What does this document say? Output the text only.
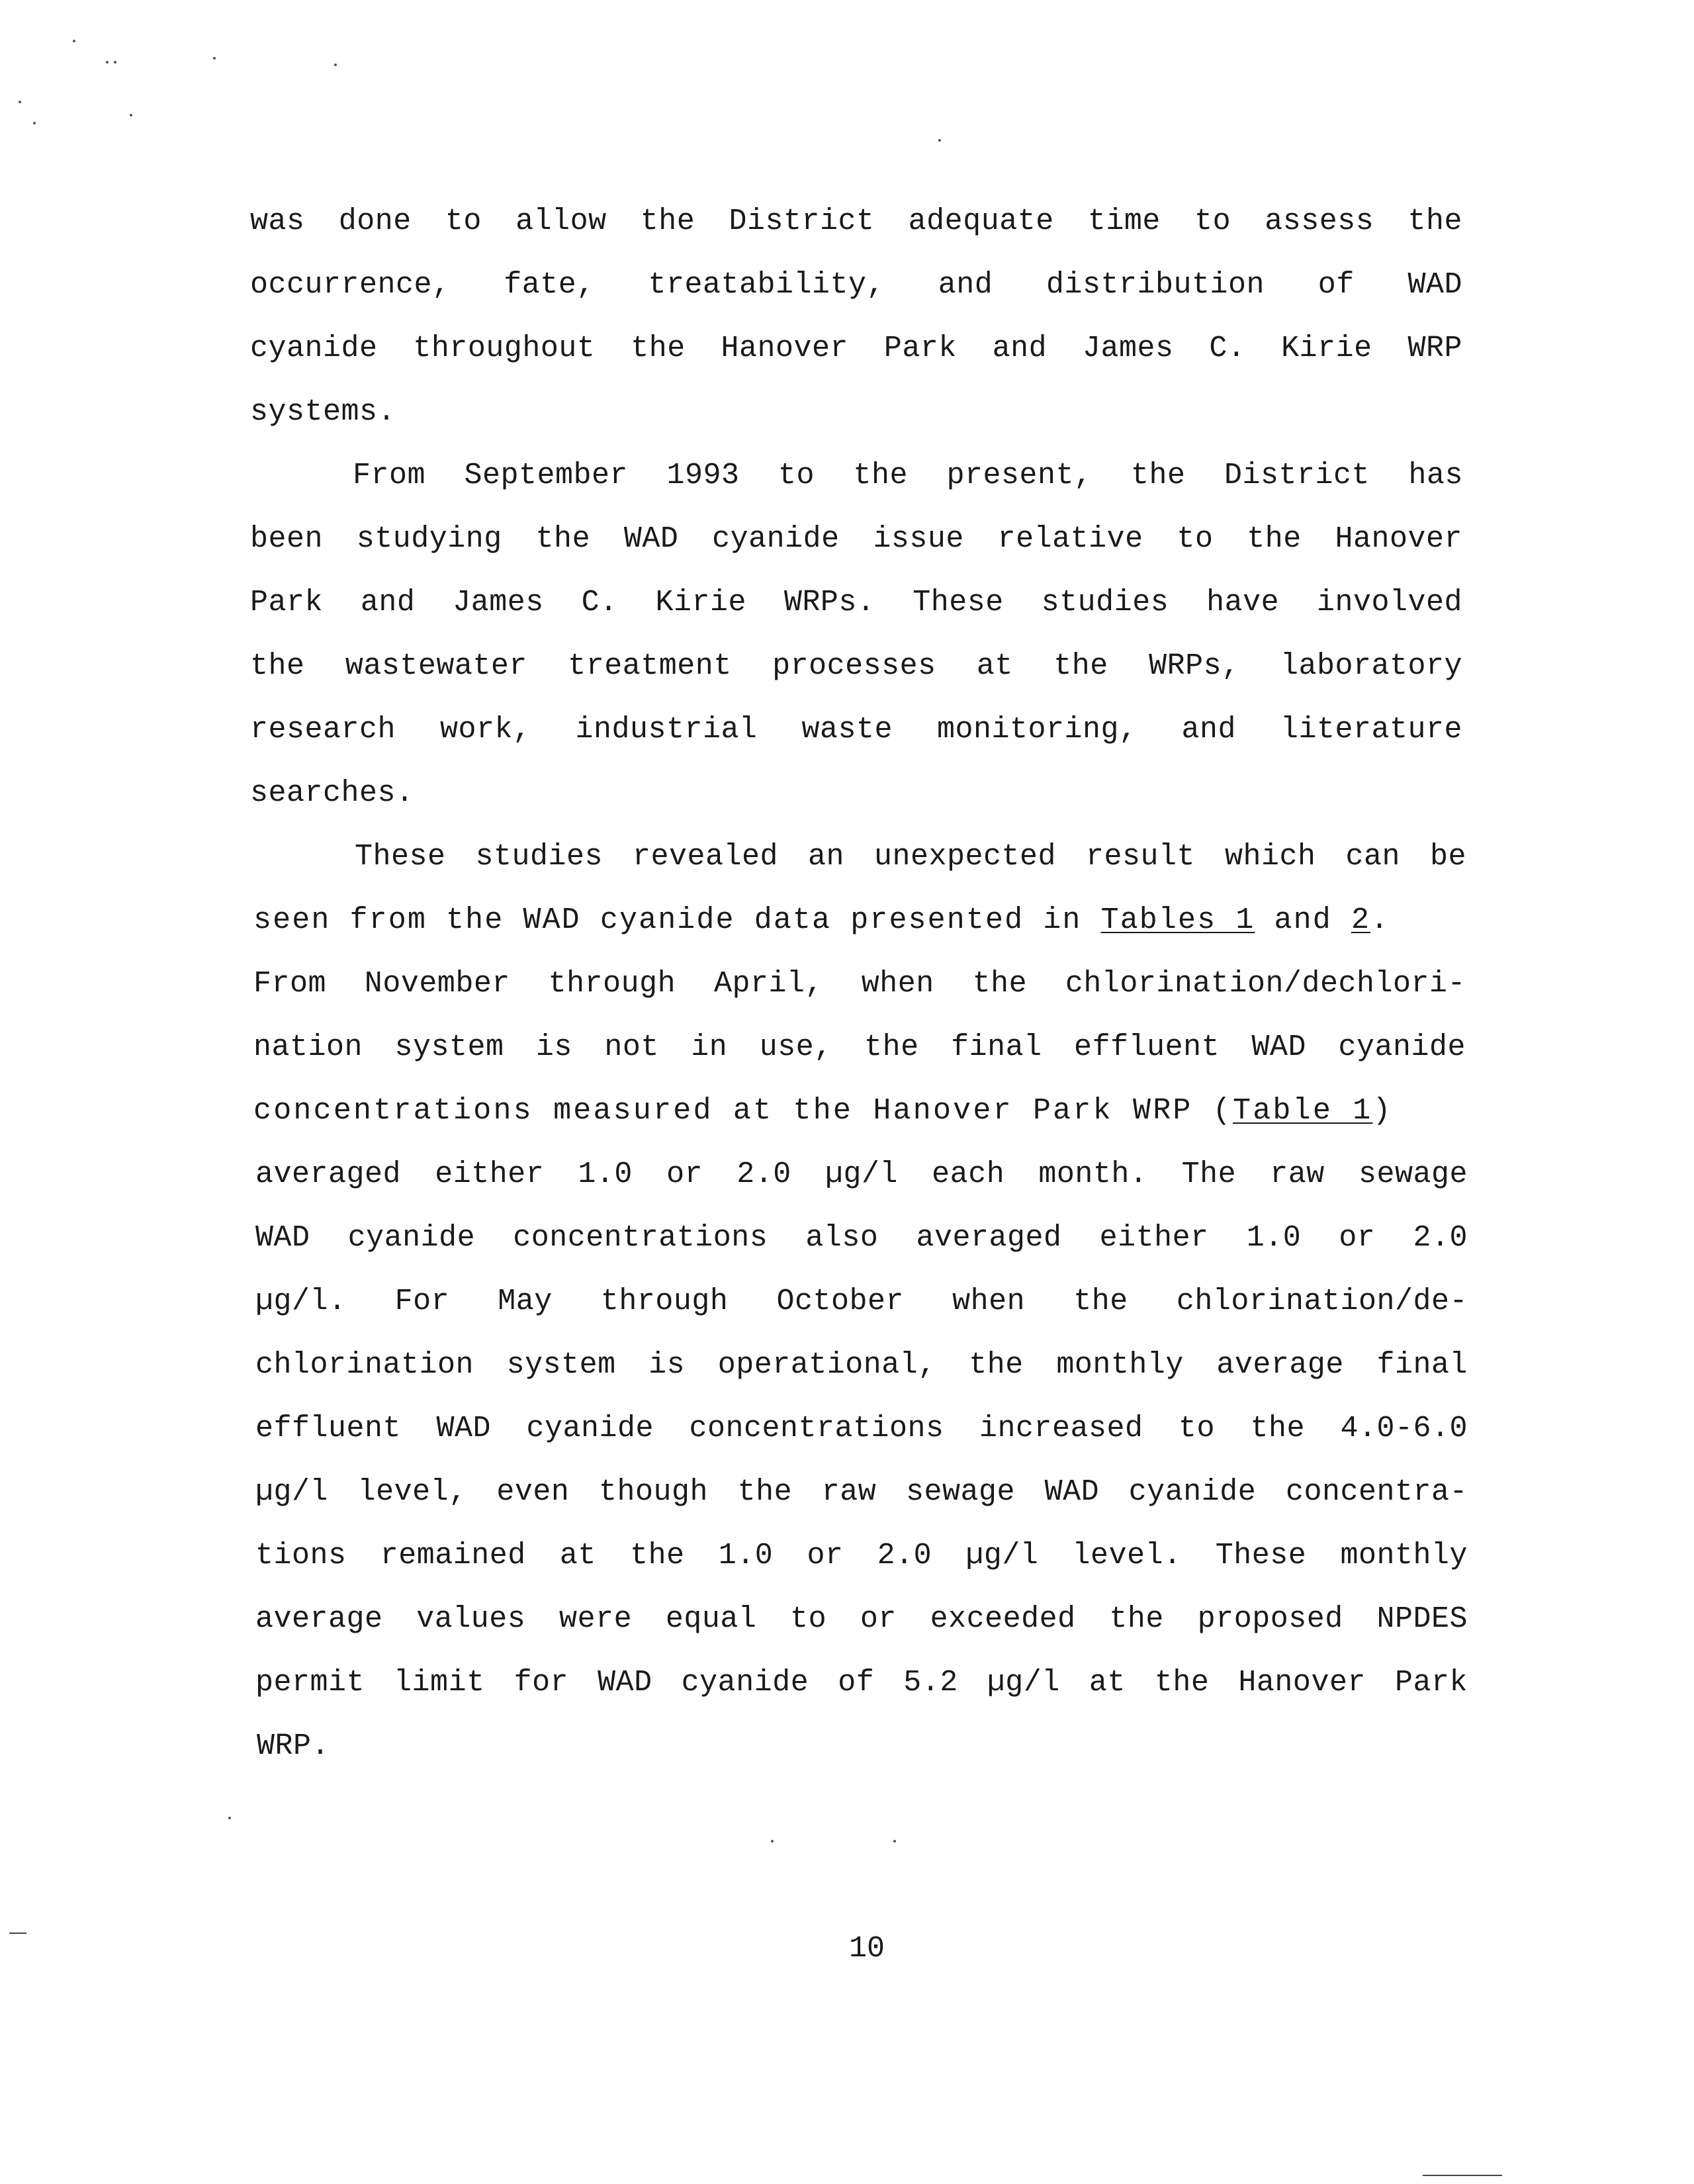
was done to allow the District adequate time to assess the
occurrence, fate, treatability, and distribution of WAD
cyanide throughout the Hanover Park and James C. Kirie WRP
systems.
From September 1993 to the present, the District has
been studying the WAD cyanide issue relative to the Hanover
Park and James C. Kirie WRPs. These studies have involved
the wastewater treatment processes at the WRPs, laboratory
research work, industrial waste monitoring, and literature
searches.
These studies revealed an unexpected result which can be
seen from the WAD cyanide data presented in Tables 1 and 2.
From November through April, when the chlorination/dechlori-
nation system is not in use, the final effluent WAD cyanide
concentrations measured at the Hanover Park WRP (Table 1)
averaged either 1.0 or 2.0 µg/l each month. The raw sewage
WAD cyanide concentrations also averaged either 1.0 or 2.0
µg/l. For May through October when the chlorination/de-
chlorination system is operational, the monthly average final
effluent WAD cyanide concentrations increased to the 4.0-6.0
µg/l level, even though the raw sewage WAD cyanide concentra-
tions remained at the 1.0 or 2.0 µg/l level. These monthly
average values were equal to or exceeded the proposed NPDES
permit limit for WAD cyanide of 5.2 µg/l at the Hanover Park
WRP.
10
